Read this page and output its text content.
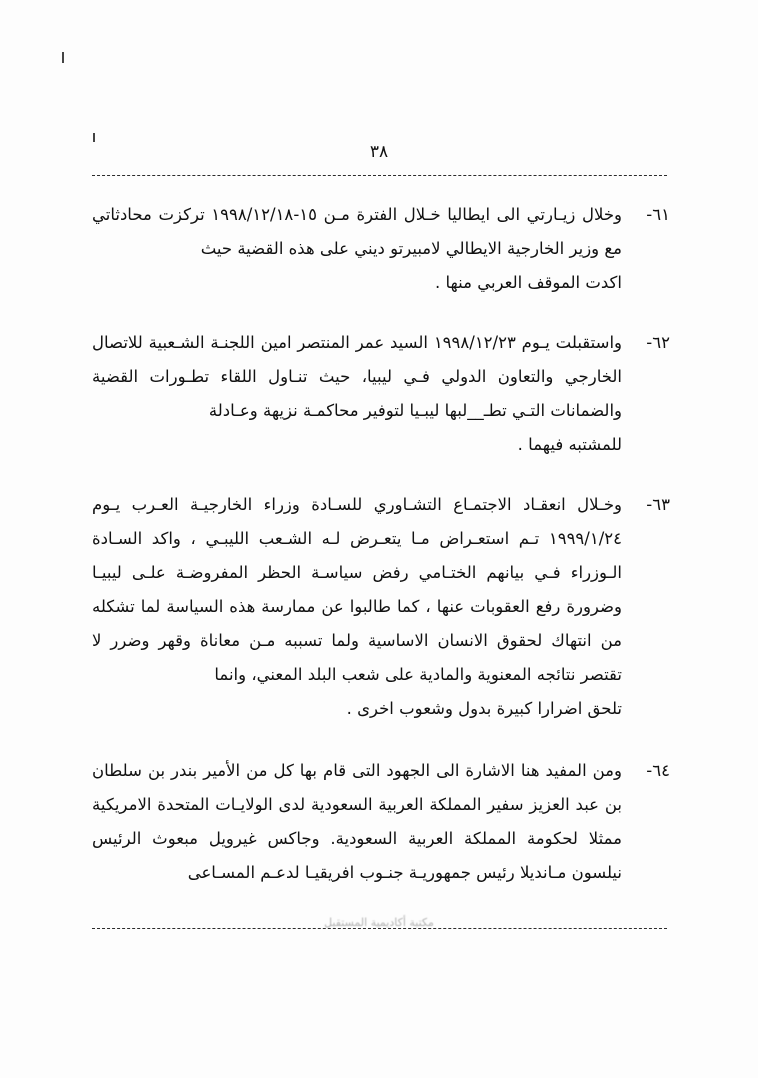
٣٨
٦١-
وخلال زيـارتي الى ايطاليا خـلال الفترة مـن ١٥-١٩٩٨/١٢/١٨ تركزت محادثاتي مع وزير الخارجية الايطالي لامبيرتو ديني على هذه القضية حيث
اكدت الموقف العربي منها .
٦٢-
واستقبلت يـوم ١٩٩٨/١٢/٢٣ السيد عمر المنتصر امين اللجنـة الشـعبية للاتصال الخارجي والتعاون الدولي فـي ليبيا، حيث تنـاول اللقاء تطـورات القضية والضمانات التـي تطـ__لبها ليبـيا لتوفير محاكمـة نزيهة وعـادلة
للمشتبه فيهما .
٦٣-
وخـلال انعقـاد الاجتمـاع التشـاوري للسـادة وزراء الخارجيـة العـرب يـوم ١٩٩٩/١/٢٤ تـم استعـراض مـا يتعـرض لـه الشـعب الليبـي ، واكد السـادة الـوزراء فـي بيانهم الختـامي رفض سياسـة الحظر المفروضـة علـى ليبيـا وضرورة رفع العقوبات عنها ، كما طالبوا عن ممارسة هذه السياسة لما تشكله من انتهاك لحقوق الانسان الاساسية ولما تسببه مـن معاناة وقهر وضرر لا تقتصر نتائجه المعنوية والمادية على شعب البلد المعني، وانما
تلحق اضرارا كبيرة بدول وشعوب اخرى .
٦٤-
ومن المفيد هنا الاشارة الى الجهود التى قام بها كل من الأمير بندر بن سلطان بن عبد العزيز سفير المملكة العربية السعودية لدى الولايـات المتحدة الامريكية ممثلا لحكومة المملكة العربية السعودية. وجاكس غيرويل مبعوث الرئيس نيلسون مـانديلا رئيس جمهوريـة جنـوب افريقيـا لدعـم المسـاعى
مكتبة أكاديمية المستقبل
